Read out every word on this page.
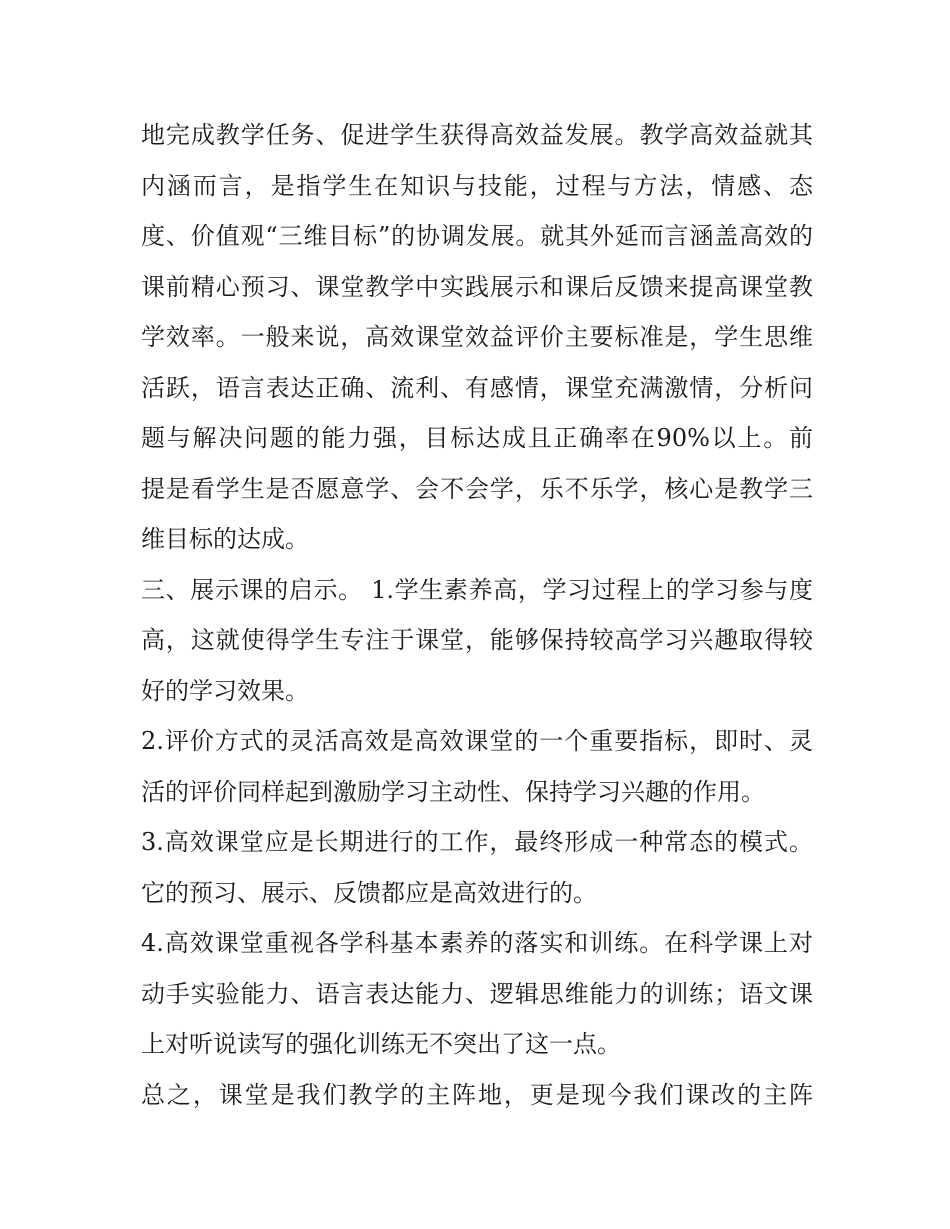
地完成教学任务、促进学生获得高效益发展。教学高效益就其
内涵而言，是指学生在知识与技能，过程与方法，情感、态
度、价值观“三维目标”的协调发展。就其外延而言涵盖高效的
课前精心预习、课堂教学中实践展示和课后反馈来提高课堂教
学效率。一般来说，高效课堂效益评价主要标准是，学生思维
活跃，语言表达正确、流利、有感情，课堂充满激情，分析问
题与解决问题的能力强，目标达成且正确率在90%以上。前
提是看学生是否愿意学、会不会学，乐不乐学，核心是教学三
维目标的达成。
三、展示课的启示。 1.学生素养高，学习过程上的学习参与度
高，这就使得学生专注于课堂，能够保持较高学习兴趣取得较
好的学习效果。
2.评价方式的灵活高效是高效课堂的一个重要指标，即时、灵
活的评价同样起到激励学习主动性、保持学习兴趣的作用。
3.高效课堂应是长期进行的工作，最终形成一种常态的模式。
它的预习、展示、反馈都应是高效进行的。
4.高效课堂重视各学科基本素养的落实和训练。在科学课上对
动手实验能力、语言表达能力、逻辑思维能力的训练；语文课
上对听说读写的强化训练无不突出了这一点。
总之，课堂是我们教学的主阵地，更是现今我们课改的主阵
